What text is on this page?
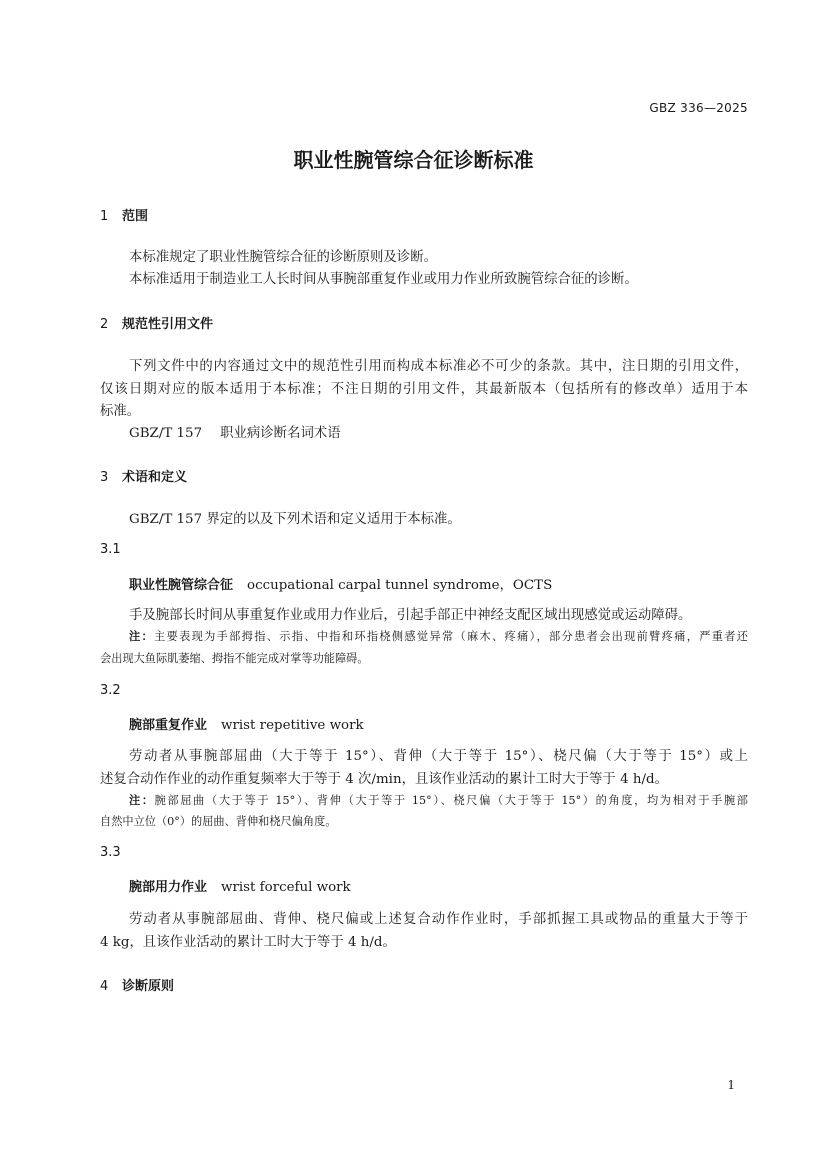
GBZ 336—2025
职业性腕管综合征诊断标准
1 范围
本标准规定了职业性腕管综合征的诊断原则及诊断。
本标准适用于制造业工人长时间从事腕部重复作业或用力作业所致腕管综合征的诊断。
2 规范性引用文件
下列文件中的内容通过文中的规范性引用而构成本标准必不可少的条款。其中，注日期的引用文件，
仅该日期对应的版本适用于本标准；不注日期的引用文件，其最新版本（包括所有的修改单）适用于本
标准。
GBZ/T 157 职业病诊断名词术语
3 术语和定义
GBZ/T 157 界定的以及下列术语和定义适用于本标准。
3.1
职业性腕管综合征 occupational carpal tunnel syndrome，OCTS
手及腕部长时间从事重复作业或用力作业后，引起手部正中神经支配区域出现感觉或运动障碍。
注：主要表现为手部拇指、示指、中指和环指桡侧感觉异常（麻木、疼痛），部分患者会出现前臂疼痛，严重者还
会出现大鱼际肌萎缩、拇指不能完成对掌等功能障碍。
3.2
腕部重复作业 wrist repetitive work
劳动者从事腕部屈曲（大于等于 15°）、背伸（大于等于 15°）、桡尺偏（大于等于 15°）或上
述复合动作作业的动作重复频率大于等于 4 次/min，且该作业活动的累计工时大于等于 4 h/d。
注：腕部屈曲（大于等于 15°）、背伸（大于等于 15°）、桡尺偏（大于等于 15°）的角度，均为相对于手腕部
自然中立位（0°）的屈曲、背伸和桡尺偏角度。
3.3
腕部用力作业 wrist forceful work
劳动者从事腕部屈曲、背伸、桡尺偏或上述复合动作作业时，手部抓握工具或物品的重量大于等于
4 kg，且该作业活动的累计工时大于等于 4 h/d。
4 诊断原则
1
